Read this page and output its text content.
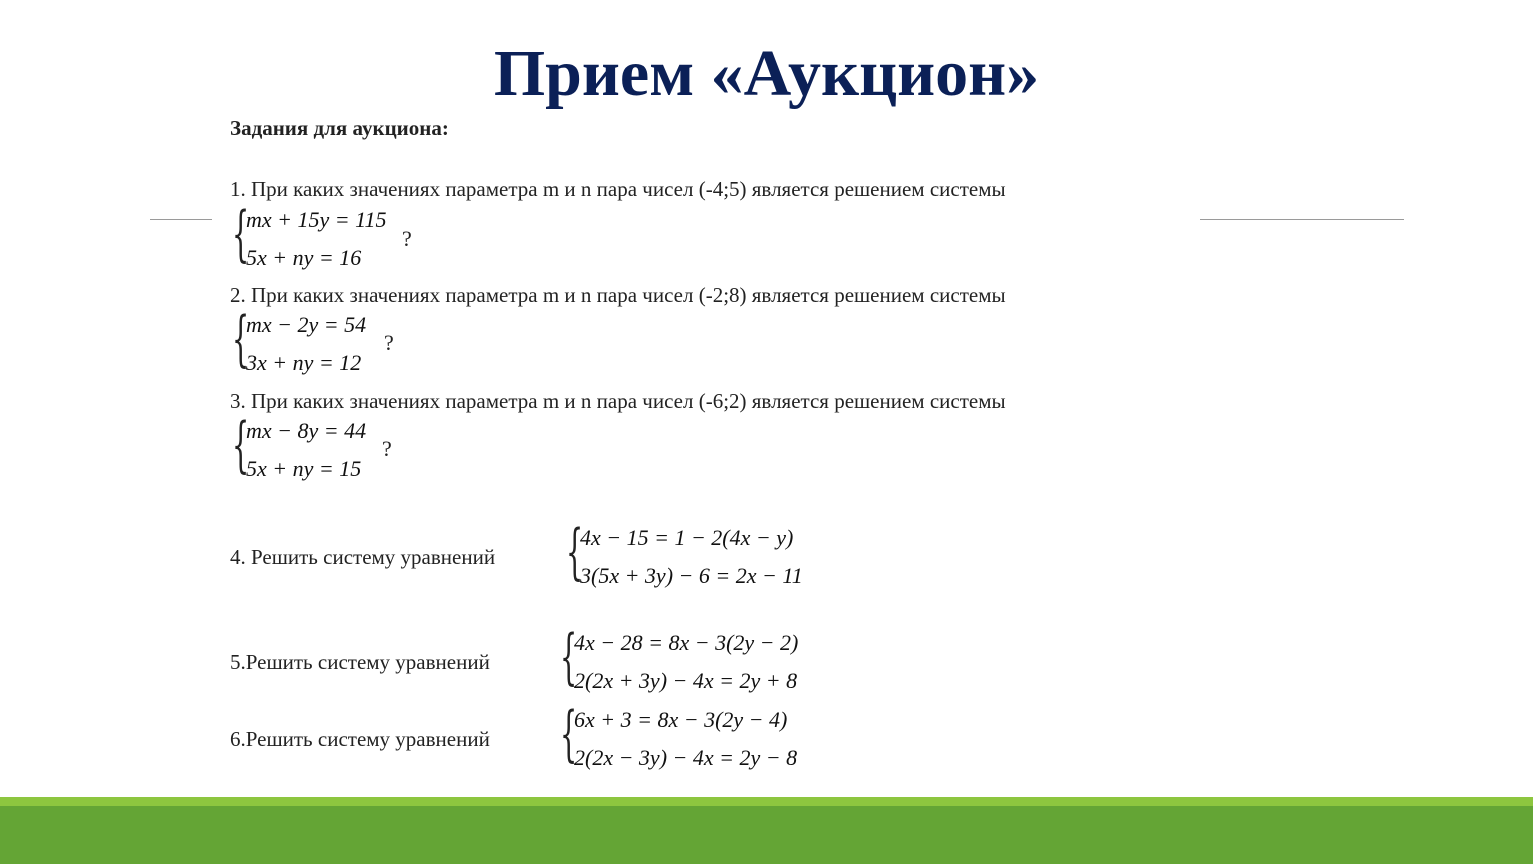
Прием «Аукцион»
Задания для аукциона:
1. При каких значениях параметра m и n пара чисел (-4;5) является решением системы
{
mx + 15y = 115
5x + ny = 16
?
2. При каких значениях параметра m и n пара чисел (-2;8) является решением системы
{
mx − 2y = 54
3x + ny = 12
?
3. При каких значениях параметра m и n пара чисел (-6;2) является решением системы
{
mx − 8y = 44
5x + ny = 15
?
4. Решить систему уравнений {
4x − 15 = 1 − 2(4x − y)
3(5x + 3y) − 6 = 2x − 11
5.Решить систему уравнений {
4x − 28 = 8x − 3(2y − 2)
2(2x + 3y) − 4x = 2y + 8
6.Решить систему уравнений {
6x + 3 = 8x − 3(2y − 4)
2(2x − 3y) − 4x = 2y − 8
